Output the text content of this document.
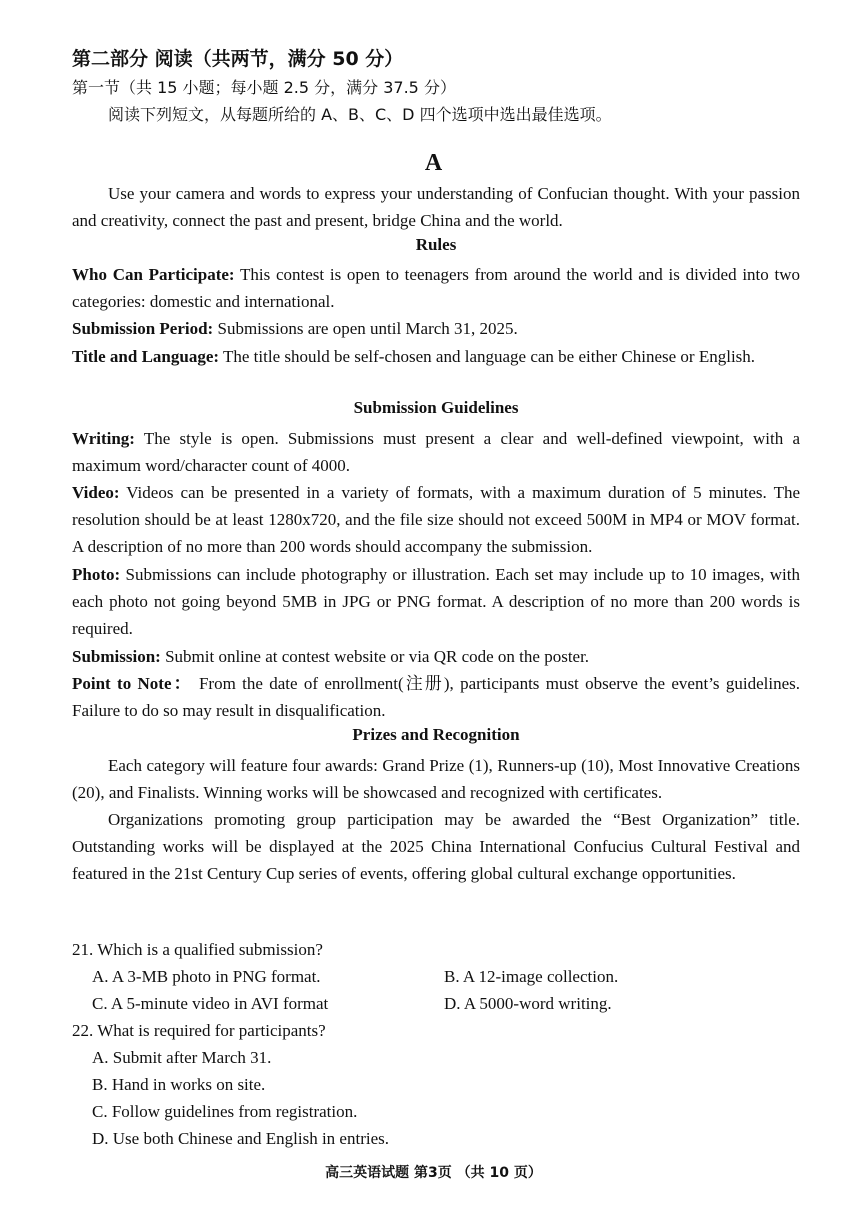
第二部分 阅读（共两节，满分 50 分）
第一节（共 15 小题；每小题 2.5 分，满分 37.5 分）
阅读下列短文，从每题所给的 A、B、C、D 四个选项中选出最佳选项。
A
Use your camera and words to express your understanding of Confucian thought. With your passion and creativity, connect the past and present, bridge China and the world.
Rules
Who Can Participate: This contest is open to teenagers from around the world and is divided into two categories: domestic and international.
Submission Period: Submissions are open until March 31, 2025.
Title and Language: The title should be self-chosen and language can be either Chinese or English.
Submission Guidelines
Writing: The style is open. Submissions must present a clear and well-defined viewpoint, with a maximum word/character count of 4000.
Video: Videos can be presented in a variety of formats, with a maximum duration of 5 minutes. The resolution should be at least 1280x720, and the file size should not exceed 500M in MP4 or MOV format. A description of no more than 200 words should accompany the submission.
Photo: Submissions can include photography or illustration. Each set may include up to 10 images, with each photo not going beyond 5MB in JPG or PNG format. A description of no more than 200 words is required.
Submission: Submit online at contest website or via QR code on the poster.
Point to Note： From the date of enrollment(注册), participants must observe the event’s guidelines. Failure to do so may result in disqualification.
Prizes and Recognition
Each category will feature four awards: Grand Prize (1), Runners-up (10), Most Innovative Creations (20), and Finalists. Winning works will be showcased and recognized with certificates.
Organizations promoting group participation may be awarded the “Best Organization” title. Outstanding works will be displayed at the 2025 China International Confucius Cultural Festival and featured in the 21st Century Cup series of events, offering global cultural exchange opportunities.
21. Which is a qualified submission?
A. A 3-MB photo in PNG format.	B. A 12-image collection.
C. A 5-minute video in AVI format	D. A 5000-word writing.
22. What is required for participants?
A. Submit after March 31.
B. Hand in works on site.
C. Follow guidelines from registration.
D. Use both Chinese and English in entries.
高三英语试题 第3页 （共 10 页）
